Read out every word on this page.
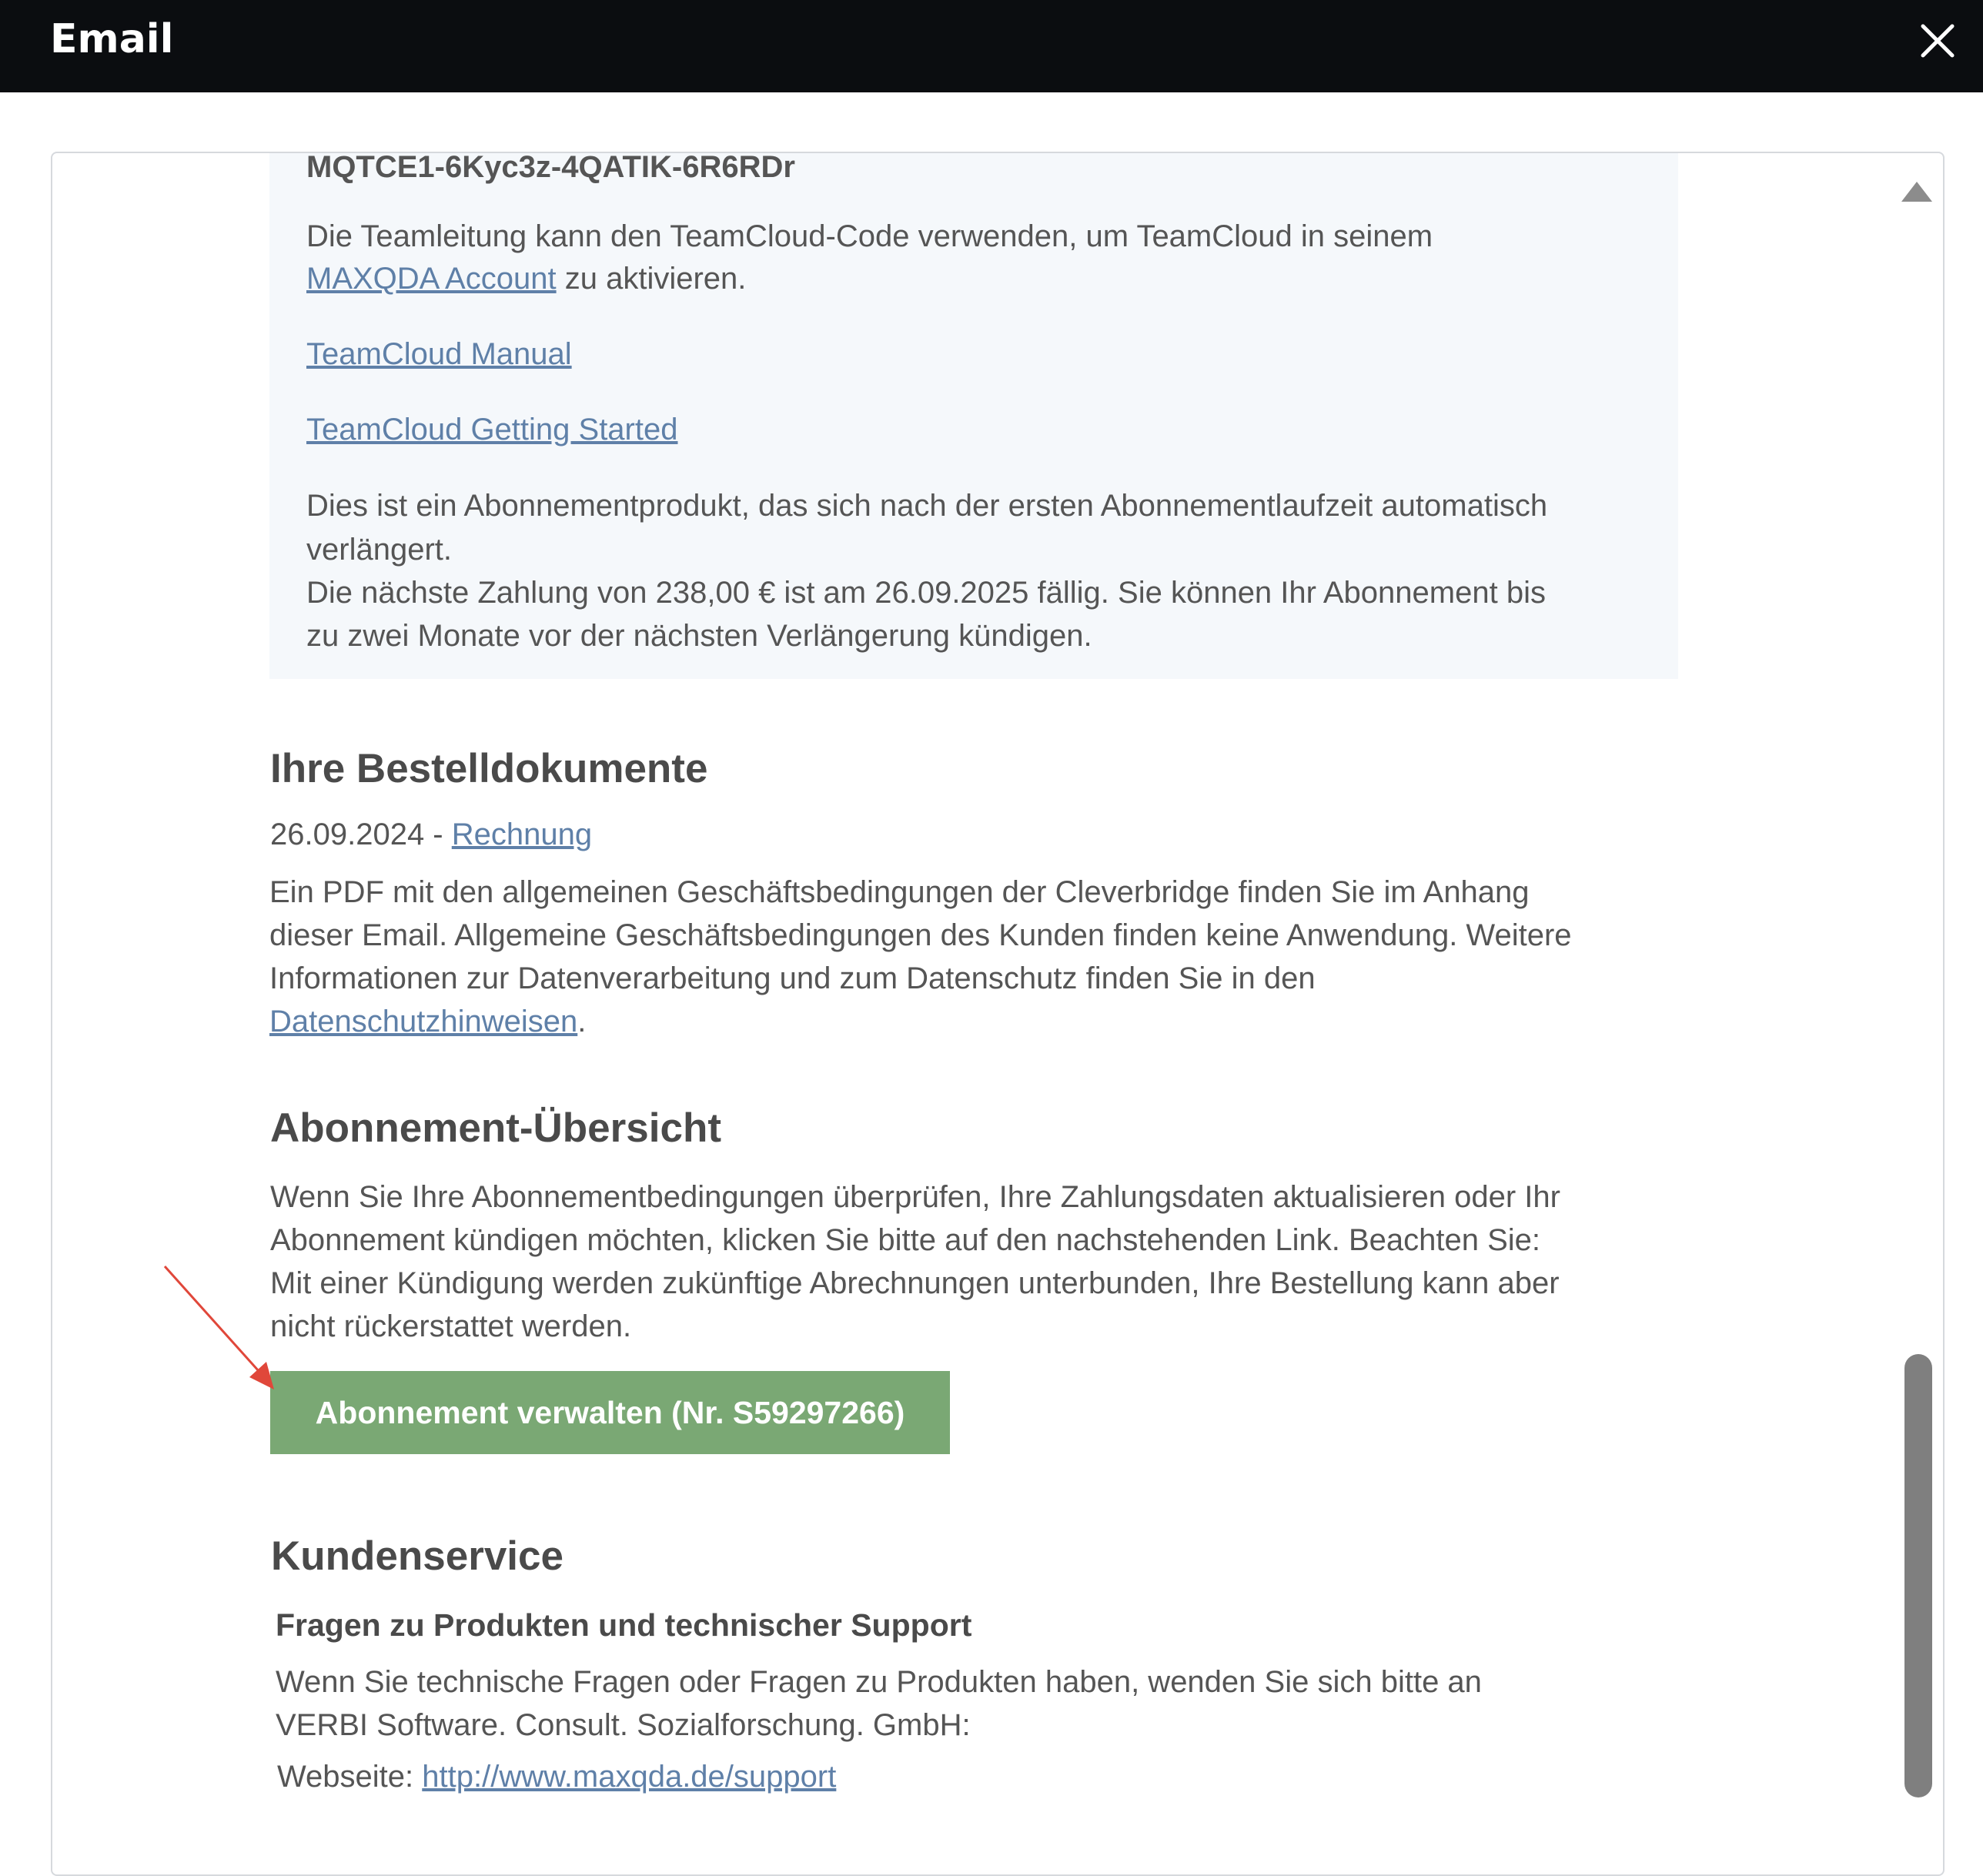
Email
MQTCE1-6Kyc3z-4QATIK-6R6RDr
Die Teamleitung kann den TeamCloud-Code verwenden, um TeamCloud in seinem
MAXQDA Account zu aktivieren.
TeamCloud Manual
TeamCloud Getting Started
Dies ist ein Abonnementprodukt, das sich nach der ersten Abonnementlaufzeit automatisch
verlängert.
Die nächste Zahlung von 238,00 € ist am 26.09.2025 fällig. Sie können Ihr Abonnement bis
zu zwei Monate vor der nächsten Verlängerung kündigen.
Ihre Bestelldokumente
26.09.2024 - Rechnung
Ein PDF mit den allgemeinen Geschäftsbedingungen der Cleverbridge finden Sie im Anhang
dieser Email. Allgemeine Geschäftsbedingungen des Kunden finden keine Anwendung. Weitere
Informationen zur Datenverarbeitung und zum Datenschutz finden Sie in den
Datenschutzhinweisen.
Abonnement-Übersicht
Wenn Sie Ihre Abonnementbedingungen überprüfen, Ihre Zahlungsdaten aktualisieren oder Ihr
Abonnement kündigen möchten, klicken Sie bitte auf den nachstehenden Link. Beachten Sie:
Mit einer Kündigung werden zukünftige Abrechnungen unterbunden, Ihre Bestellung kann aber
nicht rückerstattet werden.
Abonnement verwalten (Nr. S59297266)
Kundenservice
Fragen zu Produkten und technischer Support
Wenn Sie technische Fragen oder Fragen zu Produkten haben, wenden Sie sich bitte an
VERBI Software. Consult. Sozialforschung. GmbH:
Webseite: http://www.maxqda.de/support
